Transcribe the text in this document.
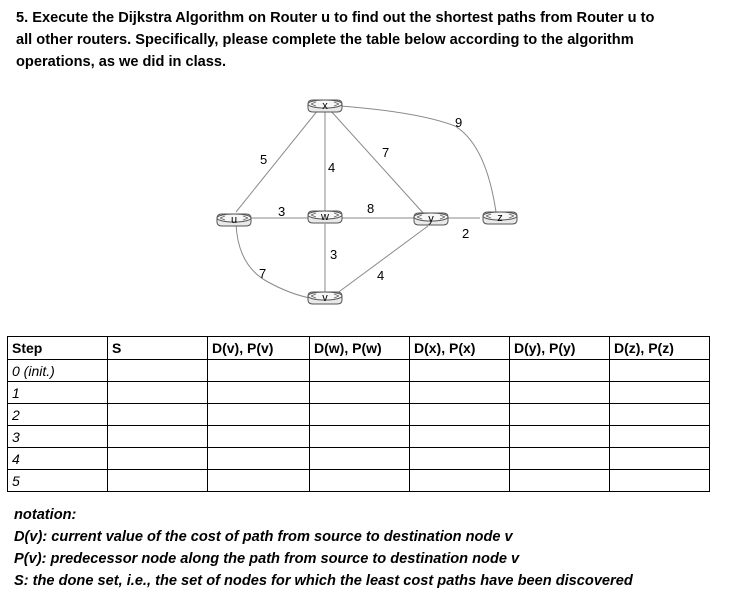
5. Execute the Dijkstra Algorithm on Router u to find out the shortest paths from Router u to
all other routers. Specifically, please complete the table below according to the algorithm
operations, as we did in class.
5
4
7
9
3	8
2
3
7	4
x
u	w	y	z
v
Step	S	D(v), P(v)	D(w), P(w)	D(x), P(x)	D(y), P(y)	D(z), P(z)
0 (init.)						
1						
2						
3						
4						
5						
notation:
D(v): current value of the cost of path from source to destination node v
P(v): predecessor node along the path from source to destination node v
S: the done set, i.e., the set of nodes for which the least cost paths have been discovered
